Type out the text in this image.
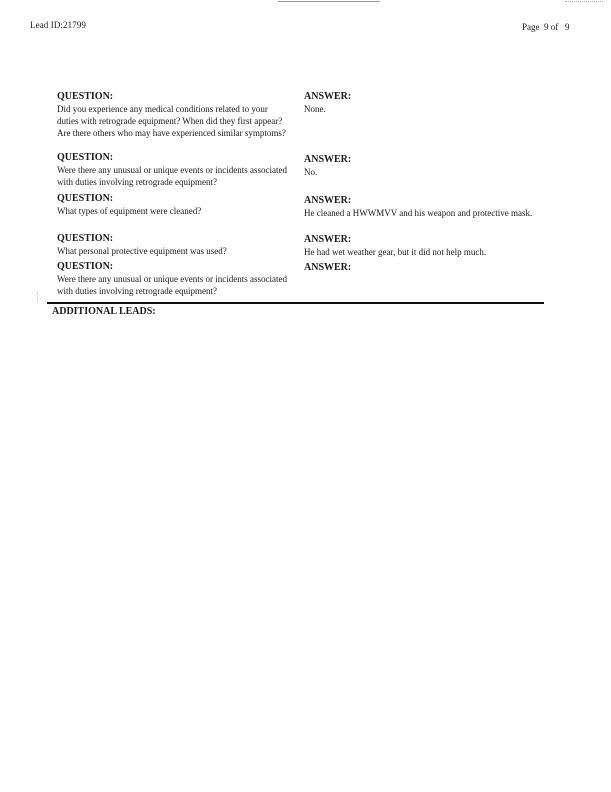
Lead ID:21799	Page  9 of   9
QUESTION:
Did you experience any medical conditions related to your duties with retrograde equipment? When did they first appear? Are there others who may have experienced similar symptoms?
ANSWER:
None.
QUESTION:
Were there any unusual or unique events or incidents associated with duties involving retrograde equipment?
ANSWER:
No.
QUESTION:
What types of equipment were cleaned?
ANSWER:
He cleaned a HWWMVV and his weapon and protective mask.
QUESTION:
What personal protective equipment was used?
ANSWER:
He had wet weather gear, but it did not help much.
QUESTION:
Were there any unusual or unique events or incidents associated with duties involving retrograde equipment?
ANSWER:
ADDITIONAL LEADS:
